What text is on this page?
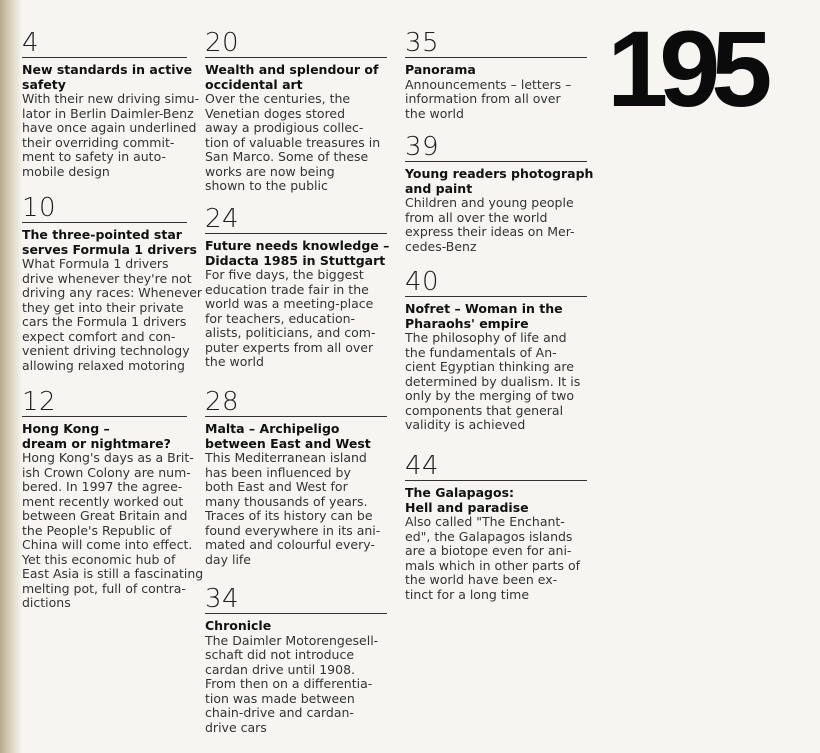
4
New standards in active
safety
With their new driving simu-
lator in Berlin Daimler-Benz
have once again underlined
their overriding commit-
ment to safety in auto-
mobile design
10
The three-pointed star
serves Formula 1 drivers
What Formula 1 drivers
drive whenever they're not
driving any races: Whenever
they get into their private
cars the Formula 1 drivers
expect comfort and con-
venient driving technology
allowing relaxed motoring
12
Hong Kong –
dream or nightmare?
Hong Kong's days as a Brit-
ish Crown Colony are num-
bered. In 1997 the agree-
ment recently worked out
between Great Britain and
the People's Republic of
China will come into effect.
Yet this economic hub of
East Asia is still a fascinating
melting pot, full of contra-
dictions
20
Wealth and splendour of
occidental art
Over the centuries, the
Venetian doges stored
away a prodigious collec-
tion of valuable treasures in
San Marco. Some of these
works are now being
shown to the public
24
Future needs knowledge –
Didacta 1985 in Stuttgart
For five days, the biggest
education trade fair in the
world was a meeting-place
for teachers, education-
alists, politicians, and com-
puter experts from all over
the world
28
Malta – Archipeligo
between East and West
This Mediterranean island
has been influenced by
both East and West for
many thousands of years.
Traces of its history can be
found everywhere in its ani-
mated and colourful every-
day life
34
Chronicle
The Daimler Motorengesell-
schaft did not introduce
cardan drive until 1908.
From then on a differentia-
tion was made between
chain-drive and cardan-
drive cars
35
Panorama
Announcements – letters –
information from all over
the world
39
Young readers photograph
and paint
Children and young people
from all over the world
express their ideas on Mer-
cedes-Benz
40
Nofret – Woman in the
Pharaohs' empire
The philosophy of life and
the fundamentals of An-
cient Egyptian thinking are
determined by dualism. It is
only by the merging of two
components that general
validity is achieved
44
The Galapagos:
Hell and paradise
Also called "The Enchant-
ed", the Galapagos islands
are a biotope even for ani-
mals which in other parts of
the world have been ex-
tinct for a long time
195
